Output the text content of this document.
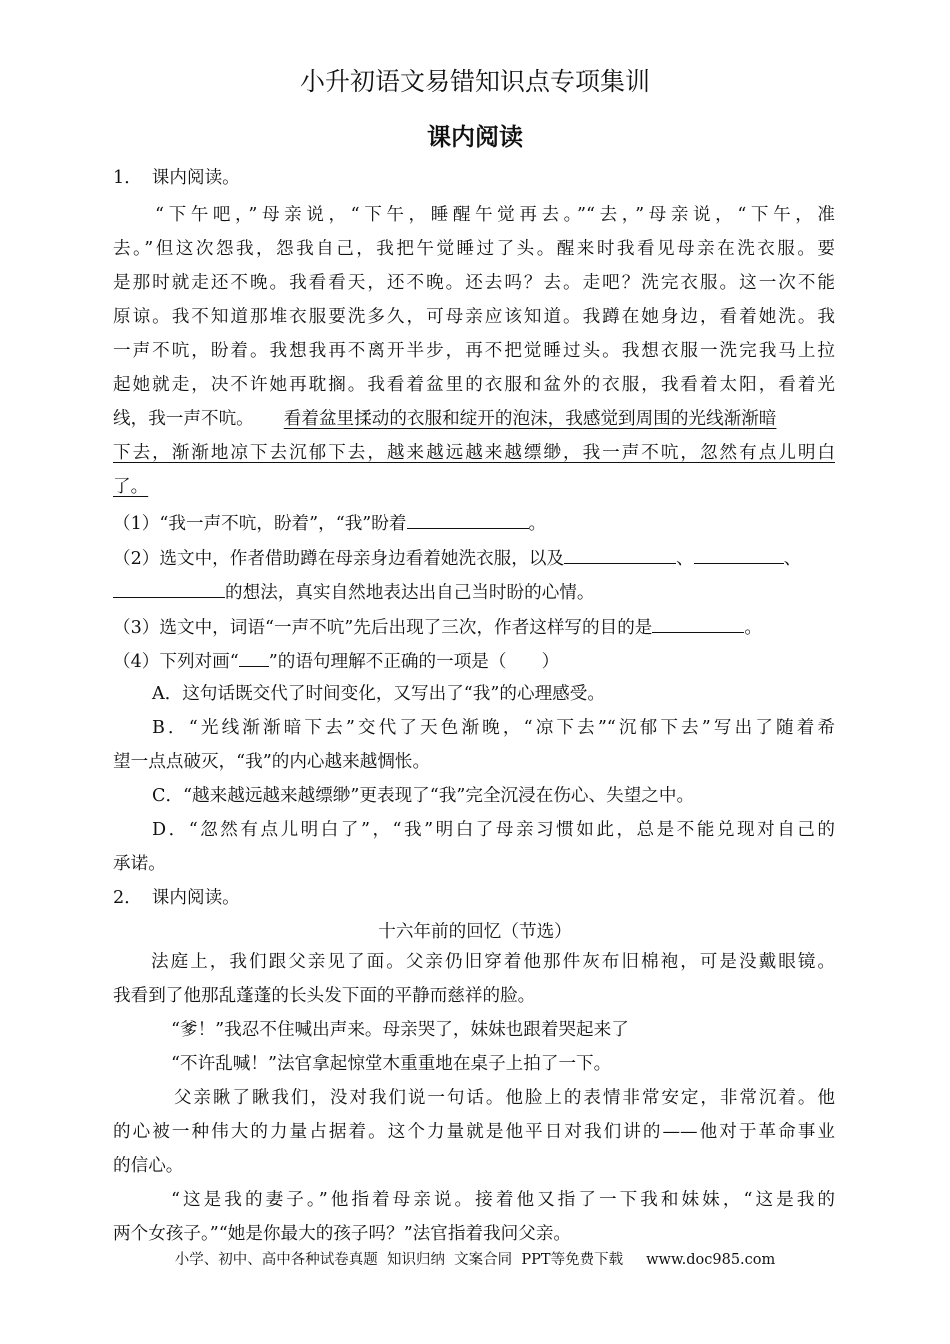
小升初语文易错知识点专项集训
课内阅读
1． 课内阅读。
“下午吧，”母亲说，“下午，睡醒午觉再去。”“去，”母亲说，“下午，准
去。”但这次怨我，怨我自己，我把午觉睡过了头。醒来时我看见母亲在洗衣服。要
是那时就走还不晚。我看看天，还不晚。还去吗？去。走吧？洗完衣服。这一次不能
原谅。我不知道那堆衣服要洗多久，可母亲应该知道。我蹲在她身边，看着她洗。我
一声不吭，盼着。我想我再不离开半步，再不把觉睡过头。我想衣服一洗完我马上拉
起她就走，决不许她再耽搁。我看着盆里的衣服和盆外的衣服，我看着太阳，看着光
线，我一声不吭。 看着盆里揉动的衣服和绽开的泡沫，我感觉到周围的光线渐渐暗
下去，渐渐地凉下去沉郁下去，越来越远越来越缥缈，我一声不吭，忽然有点儿明白
了。
（1）“我一声不吭，盼着”，“我”盼着	。
（2）选文中，作者借助蹲在母亲身边看着她洗衣服，以及	、	、
的想法，真实自然地表达出自己当时盼的心情。
（3）选文中，词语“一声不吭”先后出现了三次，作者这样写的目的是	。
（4）下列对画“ ”的语句理解不正确的一项是（　　）
A．这句话既交代了时间变化，又写出了“我”的心理感受。
B．“光线渐渐暗下去”交代了天色渐晚，“凉下去”“沉郁下去”写出了随着希
望一点点破灭，“我”的内心越来越惆怅。
C．“越来越远越来越缥缈”更表现了“我”完全沉浸在伤心、失望之中。
D．“忽然有点儿明白了”，“我”明白了母亲习惯如此，总是不能兑现对自己的
承诺。
2． 课内阅读。
十六年前的回忆（节选）
法庭上，我们跟父亲见了面。父亲仍旧穿着他那件灰布旧棉袍，可是没戴眼镜。
我看到了他那乱蓬蓬的长头发下面的平静而慈祥的脸。
“爹！”我忍不住喊出声来。母亲哭了，妹妹也跟着哭起来了
“不许乱喊！”法官拿起惊堂木重重地在桌子上拍了一下。
父亲瞅了瞅我们，没对我们说一句话。他脸上的表情非常安定，非常沉着。他
的心被一种伟大的力量占据着。这个力量就是他平日对我们讲的——他对于革命事业
的信心。
“这是我的妻子。”他指着母亲说。接着他又指了一下我和妹妹，“这是我的
两个女孩子。”“她是你最大的孩子吗？”法官指着我问父亲。
小学、初中、高中各种试卷真题  知识归纳  文案合同  PPT等免费下载     www.doc985.com
